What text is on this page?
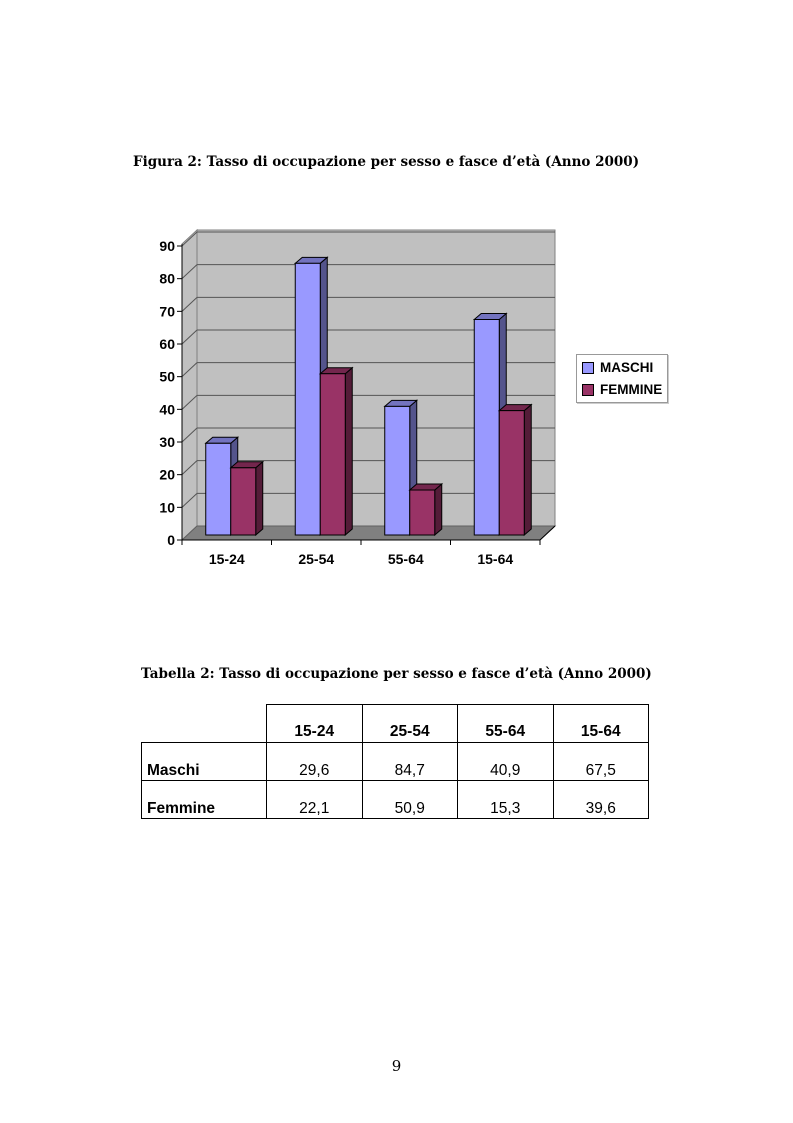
Figura 2: Tasso di occupazione per sesso e fasce d’età (Anno 2000)
0
10
20
30
40
50
60
70
80
90
15-24	25-54	55-64	15-64
MASCHI
FEMMINE
Tabella 2: Tasso di occupazione per sesso e fasce d’età (Anno 2000)
	15-24	25-54	55-64	15-64
Maschi	29,6	84,7	40,9	67,5
Femmine	22,1	50,9	15,3	39,6
9
